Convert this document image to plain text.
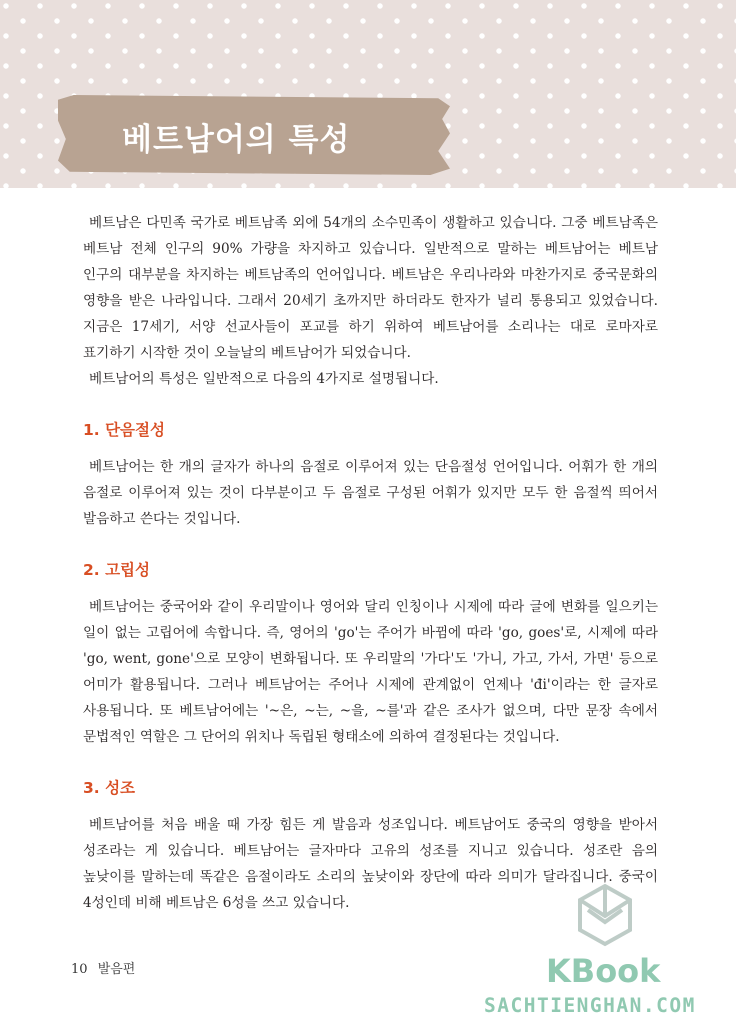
베트남어의 특성

베트남은 다민족 국가로 베트남족 외에 54개의 소수민족이 생활하고 있습니다. 그중 베트남족은 베트남 전체 인구의 90% 가량을 차지하고 있습니다. 일반적으로 말하는 베트남어는 베트남 인구의 대부분을 차지하는 베트남족의 언어입니다. 베트남은 우리나라와 마찬가지로 중국문화의 영향을 받은 나라입니다. 그래서 20세기 초까지만 하더라도 한자가 널리 통용되고 있었습니다. 지금은 17세기, 서양 선교사들이 포교를 하기 위하여 베트남어를 소리나는 대로 로마자로 표기하기 시작한 것이 오늘날의 베트남어가 되었습니다.

베트남어의 특성은 일반적으로 다음의 4가지로 설명됩니다.

1. 단음절성

베트남어는 한 개의 글자가 하나의 음절로 이루어져 있는 단음절성 언어입니다. 어휘가 한 개의 음절로 이루어져 있는 것이 다부분이고 두 음절로 구성된 어휘가 있지만 모두 한 음절씩 띄어서 발음하고 쓴다는 것입니다.

2. 고립성

베트남어는 중국어와 같이 우리말이나 영어와 달리 인칭이나 시제에 따라 글에 변화를 일으키는 일이 없는 고립어에 속합니다. 즉, 영어의 'go'는 주어가 바뀜에 따라 'go, goes'로, 시제에 따라 'go, went, gone'으로 모양이 변화됩니다. 또 우리말의 '가다'도 '가니, 가고, 가서, 가면' 등으로 어미가 활용됩니다. 그러나 베트남어는 주어나 시제에 관계없이 언제나 'đi'이라는 한 글자로 사용됩니다. 또 베트남어에는 '~은, ~는, ~을, ~를'과 같은 조사가 없으며, 다만 문장 속에서 문법적인 역할은 그 단어의 위치나 독립된 형태소에 의하여 결정된다는 것입니다.

3. 성조

베트남어를 처음 배울 때 가장 힘든 게 발음과 성조입니다. 베트남어도 중국의 영향을 받아서 성조라는 게 있습니다. 베트남어는 글자마다 고유의 성조를 지니고 있습니다. 성조란 음의 높낮이를 말하는데 똑같은 음절이라도 소리의 높낮이와 장단에 따라 의미가 달라집니다. 중국이 4성인데 비해 베트남은 6성을 쓰고 있습니다.

10 발음편	KBook

SACHTIENGHAN.COM
